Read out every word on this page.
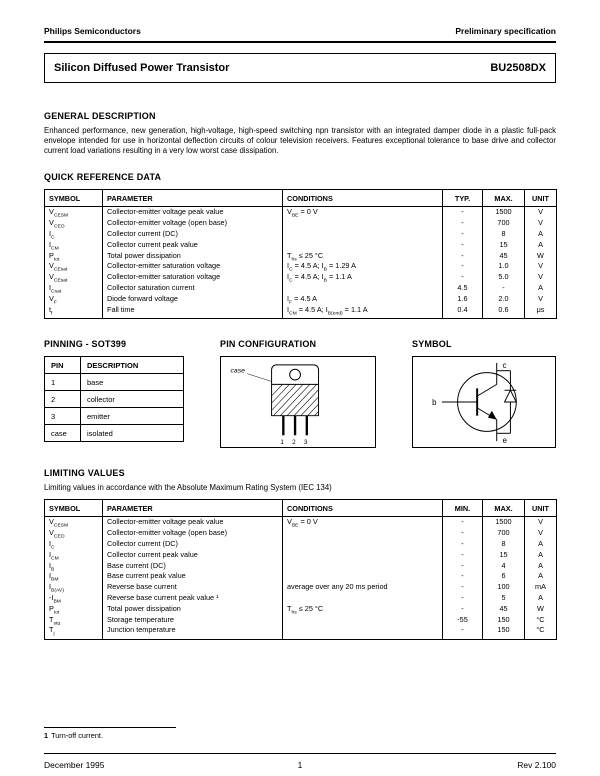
Philips Semiconductors	Preliminary specification
Silicon Diffused Power Transistor	BU2508DX
GENERAL DESCRIPTION
Enhanced performance, new generation, high-voltage, high-speed switching npn transistor with an integrated damper diode in a plastic full-pack envelope intended for use in horizontal deflection circuits of colour television receivers. Features exceptional tolerance to base drive and collector current load variations resulting in a very low worst case dissipation.
QUICK REFERENCE DATA
SYMBOL	PARAMETER	CONDITIONS	TYP.	MAX.	UNIT
$V_{CESM}$	Collector-emitter voltage peak value	$V_{BE} = 0$ V	-	1500	V
$V_{CEO}$	Collector-emitter voltage (open base)		-	700	V
$I_C$	Collector current (DC)		-	8	A
$I_{CM}$	Collector current peak value		-	15	A
$P_{tot}$	Total power dissipation	$T_{hs} \le 25$ °C	-	45	W
$V_{CEsat}$	Collector-emitter saturation voltage	$I_C = 4.5$ A; $I_B = 1.29$ A	-	1.0	V
$V_{CEsat}$	Collector-emitter saturation voltage	$I_C = 4.5$ A; $I_B = 1.1$ A	-	5.0	V
$I_{Csat}$	Collector saturation current		4.5	-	A
$V_F$	Diode forward voltage	$I_F = 4.5$ A	1.6	2.0	V
$t_f$	Fall time	$I_{CM} = 4.5$ A; $I_{B(end)} = 1.1$ A	0.4	0.6	μs
PINNING - SOT399
PIN	DESCRIPTION
1	base
2	collector
3	emitter
case	isolated
PIN CONFIGURATION
case
1 2 3
SYMBOL
c
b
e
LIMITING VALUES
Limiting values in accordance with the Absolute Maximum Rating System (IEC 134)
SYMBOL	PARAMETER	CONDITIONS	MIN.	MAX.	UNIT
$V_{CESM}$	Collector-emitter voltage peak value	$V_{BE} = 0$ V	-	1500	V
$V_{CEO}$	Collector-emitter voltage (open base)		-	700	V
$I_C$	Collector current (DC)		-	8	A
$I_{CM}$	Collector current peak value		-	15	A
$I_B$	Base current (DC)		-	4	A
$I_{BM}$	Base current peak value		-	6	A
$I_{B(AV)}$	Reverse base current	average over any 20 ms period	-	100	mA
$-I_{BM}$	Reverse base current peak value ¹		-	5	A
$P_{tot}$	Total power dissipation	$T_{hs} \le 25$ °C	-	45	W
$T_{stg}$	Storage temperature		-55	150	°C
$T_j$	Junction temperature		-	150	°C
1 Turn-off current.
December 1995	1	Rev 2.100
